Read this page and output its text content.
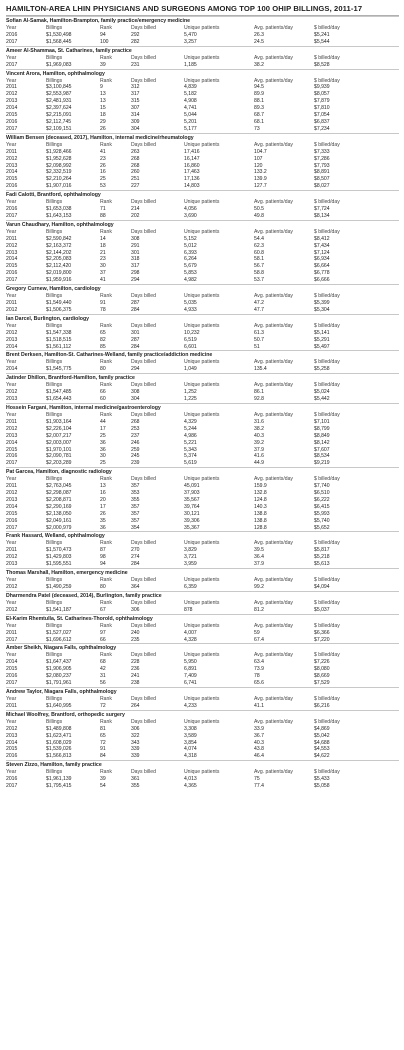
HAMILTON-AREA LHIN PHYSICIANS AND SURGEONS AMONG TOP 100 OHIP BILLINGS, 2011-17
Sofian Al-Samak, Hamilton-Brampton, family practice/emergency medicine
Year	Billings	Rank	Days billed	Unique patients	Avg. patients/day	$ billed/day
2016	$1,530,498	94	292	5,470	26.3	$5,241
2017	$1,568,445	100	282	3,257	24.5	$5,544
Ameer Al-Shammaa, St. Catharines, family practice
Year	Billings	Rank	Days billed	Unique patients	Avg. patients/day	$ billed/day
2017	$1,969,083	39	231	1,185	38.2	$8,528
Vincent Arora, Hamilton, ophthalmology
Year	Billings	Rank	Days billed	Unique patients	Avg. patients/day	$ billed/day
2011	$3,100,845	9	312	4,839	94.5	$9,939
2012	$2,553,987	13	317	5,182	89.9	$8,057
2013	$2,481,931	13	315	4,908	88.1	$7,879
2014	$2,397,624	15	307	4,741	89.3	$7,810
2015	$2,215,091	18	314	5,044	68.7	$7,054
2016	$2,112,745	29	309	5,201	68.1	$6,837
2017	$2,109,151	26	304	5,177	73	$7,234
William Bensen (deceased, 2017), Hamilton, internal medicine/rheumatology
Year	Billings	Rank	Days billed	Unique patients	Avg. patients/day	$ billed/day
2011	$1,928,466	41	263	17,416	104.7	$7,333
2012	$1,952,628	23	268	16,147	107	$7,286
2013	$2,098,992	26	268	16,860	120	$7,793
2014	$2,332,519	16	260	17,463	133.2	$8,891
2015	$2,210,264	25	251	17,136	139.9	$8,507
2016	$1,907,016	53	227	14,803	127.7	$8,027
Fadi Calotti, Brantford, ophthalmology
Year	Billings	Rank	Days billed	Unique patients	Avg. patients/day	$ billed/day
2016	$1,653,038	71	214	4,056	50.5	$7,724
2017	$1,643,153	88	202	3,690	49.8	$8,134
Varun Chaudhary, Hamilton, ophthalmology
Year	Billings	Rank	Days billed	Unique patients	Avg. patients/day	$ billed/day
2011	$2,590,842	14	308	5,152	54.4	$8,412
2012	$2,163,372	18	291	5,012	62.3	$7,434
2013	$2,144,202	21	301	6,393	60.8	$7,124
2014	$2,205,083	23	318	6,264	58.1	$6,934
2015	$2,112,420	30	317	5,679	56.7	$6,664
2016	$2,019,800	37	298	5,853	58.8	$6,778
2017	$1,959,916	41	294	4,982	53.7	$6,666
Gregory Curnew, Hamilton, cardiology
Year	Billings	Rank	Days billed	Unique patients	Avg. patients/day	$ billed/day
2011	$1,549,440	91	287	5,035	47.2	$5,399
2012	$1,506,375	78	284	4,933	47.7	$5,304
Ian Darcel, Burlington, cardiology
Year	Billings	Rank	Days billed	Unique patients	Avg. patients/day	$ billed/day
2012	$1,547,338	65	301	10,232	61.3	$5,141
2013	$1,518,515	82	287	6,519	50.7	$5,291
2014	$1,561,112	85	284	6,601	51	$5,497
Brent Derksen, Hamilton-St. Catharines-Welland, family practice/addiction medicine
Year	Billings	Rank	Days billed	Unique patients	Avg. patients/day	$ billed/day
2014	$1,545,775	80	294	1,049	135.4	$5,258
Jatinder Dhillon, Brantford-Hamilton, family practice
Year	Billings	Rank	Days billed	Unique patients	Avg. patients/day	$ billed/day
2012	$1,547,485	66	308	1,252	86.1	$5,024
2013	$1,654,443	60	304	1,225	92.8	$5,442
Hossein Fargani, Hamilton, internal medicine/gastroenterology
Year	Billings	Rank	Days billed	Unique patients	Avg. patients/day	$ billed/day
2011	$1,903,164	44	268	4,329	31.6	$7,101
2012	$2,226,104	17	253	5,244	38.2	$8,799
2013	$2,007,217	25	237	4,986	40.3	$8,849
2014	$2,003,007	36	246	5,221	39.2	$8,142
2015	$1,970,101	36	259	5,343	37.9	$7,607
2016	$2,090,781	30	245	5,374	41.6	$8,534
2017	$2,203,289	25	239	5,619	44.9	$9,219
Pat Garcea, Hamilton, diagnostic radiology
Year	Billings	Rank	Days billed	Unique patients	Avg. patients/day	$ billed/day
2011	$2,763,045	13	357	45,091	159.9	$7,740
2012	$2,298,087	16	353	37,903	132.8	$6,510
2013	$2,208,871	20	355	35,567	124.8	$6,222
2014	$2,290,169	17	357	39,764	140.3	$6,415
2015	$2,138,050	26	357	30,121	138.8	$5,993
2016	$2,049,161	35	357	39,306	138.8	$5,740
2017	$2,000,979	36	354	35,367	128.8	$5,652
Frank Hassard, Welland, ophthalmology
Year	Billings	Rank	Days billed	Unique patients	Avg. patients/day	$ billed/day
2011	$1,570,473	87	270	3,829	39.5	$5,817
2012	$1,429,803	98	274	3,721	36.4	$5,218
2013	$1,595,551	94	284	3,959	37.9	$5,613
Thomas Marshall, Hamilton, emergency medicine
Year	Billings	Rank	Days billed	Unique patients	Avg. patients/day	$ billed/day
2012	$1,490,259	80	364	6,359	99.2	$4,094
Dharmendra Patel (deceased, 2014), Burlington, family practice
Year	Billings	Rank	Days billed	Unique patients	Avg. patients/day	$ billed/day
2012	$1,541,187	67	306	878	81.2	$5,037
El-Karim Rhemtulla, St. Catharines-Thorold, ophthalmology
Year	Billings	Rank	Days billed	Unique patients	Avg. patients/day	$ billed/day
2011	$1,527,027	97	240	4,007	59	$6,366
2017	$1,696,612	66	235	4,328	67.4	$7,220
Amber Sheikh, Niagara Falls, ophthalmology
Year	Billings	Rank	Days billed	Unique patients	Avg. patients/day	$ billed/day
2014	$1,647,437	68	228	5,950	63.4	$7,226
2015	$1,906,905	42	236	6,891	73.9	$8,080
2016	$2,080,237	31	241	7,409	78	$8,669
2017	$1,791,961	56	238	6,741	65.6	$7,529
Andrew Taylor, Niagara Falls, ophthalmology
Year	Billings	Rank	Days billed	Unique patients	Avg. patients/day	$ billed/day
2011	$1,640,995	72	264	4,233	41.1	$6,216
Michael Woolfrey, Brantford, orthopedic surgery
Year	Billings	Rank	Days billed	Unique patients	Avg. patients/day	$ billed/day
2012	$1,489,808	81	306	3,308	33.9	$4,869
2013	$1,623,471	65	322	3,589	36.7	$5,042
2014	$1,608,029	72	343	3,854	40.3	$4,688
2015	$1,539,026	91	339	4,074	43.8	$4,553
2016	$1,566,813	84	339	4,318	46.4	$4,622
Steven Zizzo, Hamilton, family practice
Year	Billings	Rank	Days billed	Unique patients	Avg. patients/day	$ billed/day
2016	$1,961,139	39	361	4,013	75	$5,433
2017	$1,795,415	54	355	4,365	77.4	$5,058
